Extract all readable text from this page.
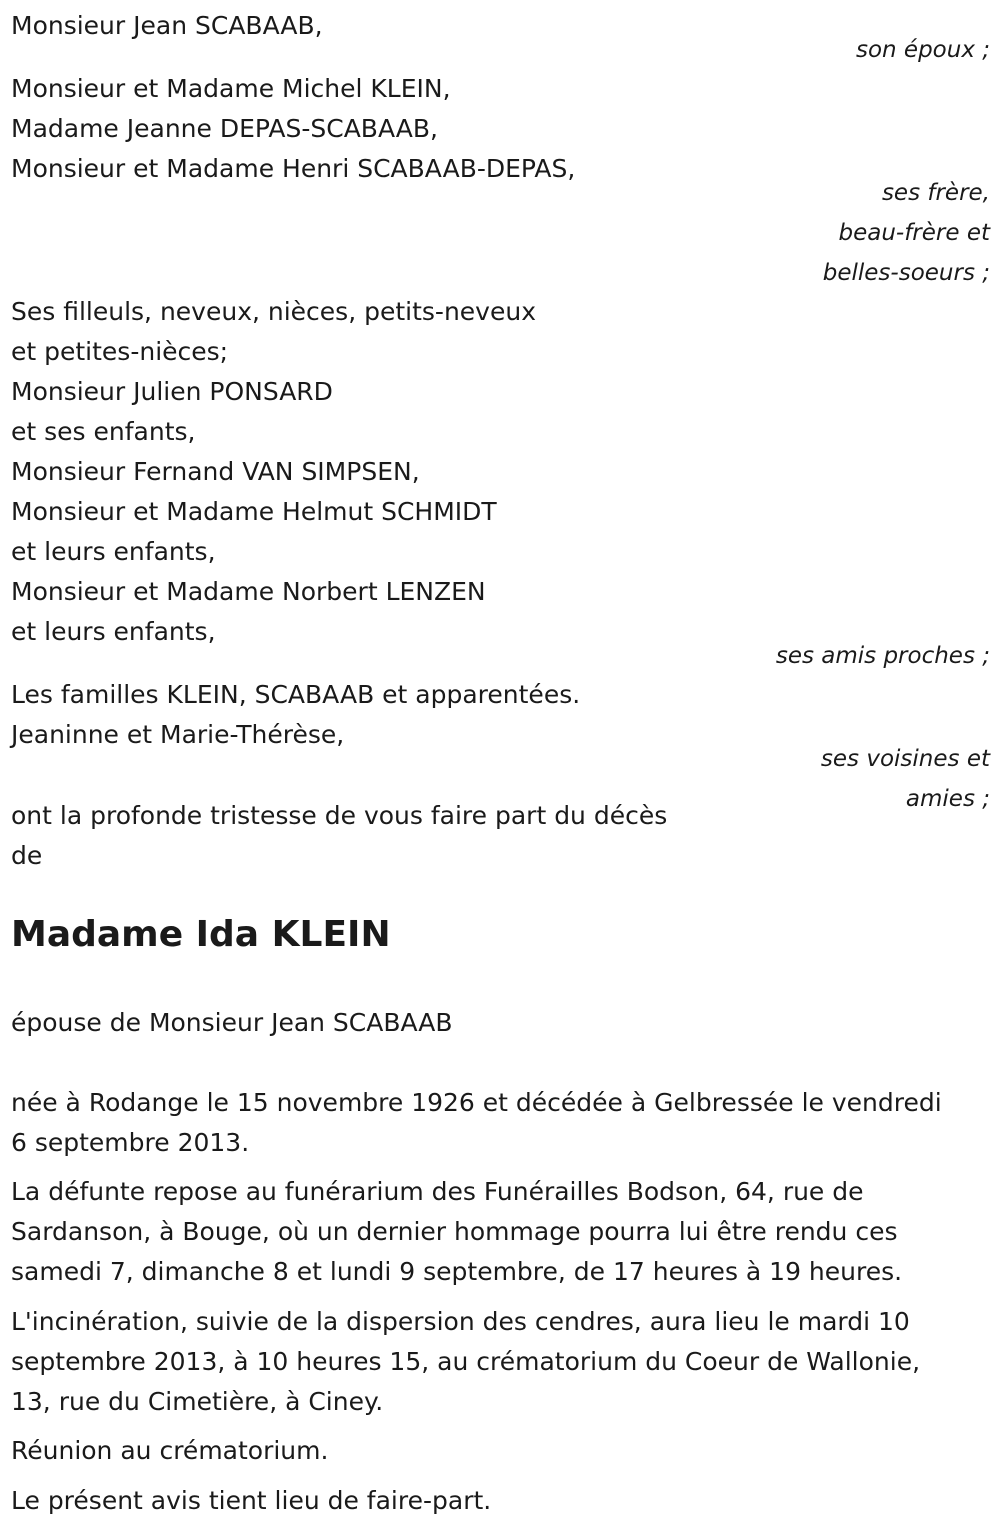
Monsieur Jean SCABAAB,
Monsieur et Madame Michel KLEIN,
Madame Jeanne DEPAS-SCABAAB,
Monsieur et Madame Henri SCABAAB-DEPAS,
Ses filleuls, neveux, nièces, petits-neveux
et petites-nièces;
Monsieur Julien PONSARD
et ses enfants,
Monsieur Fernand VAN SIMPSEN,
Monsieur et Madame Helmut SCHMIDT
et leurs enfants,
Monsieur et Madame Norbert LENZEN
et leurs enfants,
Les familles KLEIN, SCABAAB et apparentées.
Jeaninne et Marie-Thérèse,
son époux ;
ses frère,
beau-frère et
belles-soeurs ;
ses amis proches ;
ses voisines et
amies ;
ont la profonde tristesse de vous faire part du décès
de
Madame Ida KLEIN
épouse de Monsieur Jean SCABAAB
née à Rodange le 15 novembre 1926 et décédée à Gelbressée le vendredi
6 septembre 2013.
La défunte repose au funérarium des Funérailles Bodson, 64, rue de
Sardanson, à Bouge, où un dernier hommage pourra lui être rendu ces
samedi 7, dimanche 8 et lundi 9 septembre, de 17 heures à 19 heures.
L'incinération, suivie de la dispersion des cendres, aura lieu le mardi 10
septembre 2013, à 10 heures 15, au crématorium du Coeur de Wallonie,
13, rue du Cimetière, à Ciney.
Réunion au crématorium.
Le présent avis tient lieu de faire-part.
